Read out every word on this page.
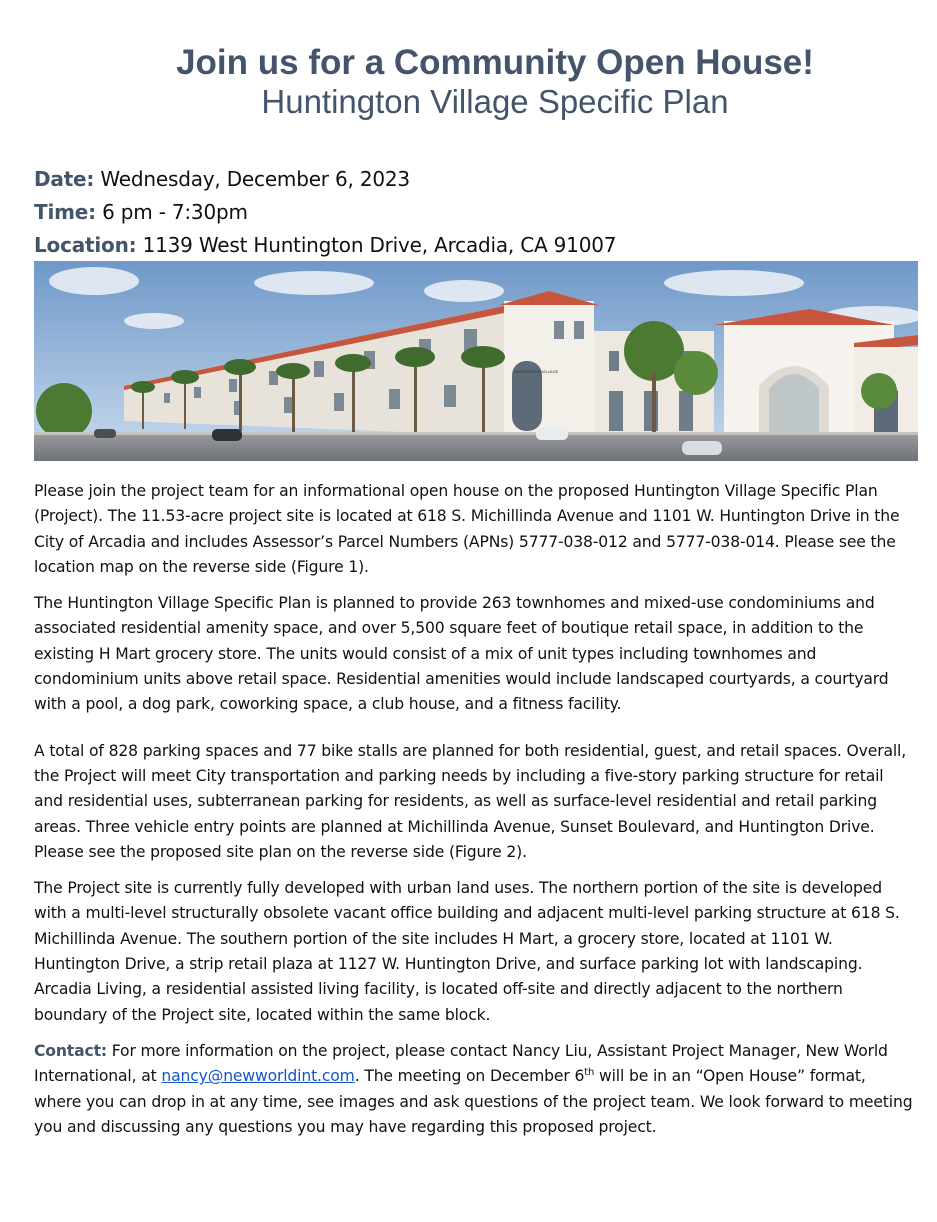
Join us for a Community Open House!
Huntington Village Specific Plan
Date: Wednesday, December 6, 2023
Time: 6 pm - 7:30pm
Location: 1139 West Huntington Drive, Arcadia, CA 91007
HUNTINGTON VILLAGE

Please join the project team for an informational open house on the proposed Huntington Village Specific Plan (Project). The 11.53-acre project site is located at 618 S. Michillinda Avenue and 1101 W. Huntington Drive in the City of Arcadia and includes Assessor’s Parcel Numbers (APNs) 5777-038-012 and 5777-038-014. Please see the location map on the reverse side (Figure 1).

The Huntington Village Specific Plan is planned to provide 263 townhomes and mixed-use condominiums and associated residential amenity space, and over 5,500 square feet of boutique retail space, in addition to the existing H Mart grocery store. The units would consist of a mix of unit types including townhomes and condominium units above retail space. Residential amenities would include landscaped courtyards, a courtyard with a pool, a dog park, coworking space, a club house, and a fitness facility.

A total of 828 parking spaces and 77 bike stalls are planned for both residential, guest, and retail spaces. Overall, the Project will meet City transportation and parking needs by including a five-story parking structure for retail and residential uses, subterranean parking for residents, as well as surface-level residential and retail parking areas. Three vehicle entry points are planned at Michillinda Avenue, Sunset Boulevard, and Huntington Drive. Please see the proposed site plan on the reverse side (Figure 2).

The Project site is currently fully developed with urban land uses. The northern portion of the site is developed with a multi-level structurally obsolete vacant office building and adjacent multi-level parking structure at 618 S. Michillinda Avenue. The southern portion of the site includes H Mart, a grocery store, located at 1101 W. Huntington Drive, a strip retail plaza at 1127 W. Huntington Drive, and surface parking lot with landscaping. Arcadia Living, a residential assisted living facility, is located off-site and directly adjacent to the northern boundary of the Project site, located within the same block.

Contact: For more information on the project, please contact Nancy Liu, Assistant Project Manager, New World International, at nancy@newworldint.com. The meeting on December 6th will be in an “Open House” format, where you can drop in at any time, see images and ask questions of the project team. We look forward to meeting you and discussing any questions you may have regarding this proposed project.
